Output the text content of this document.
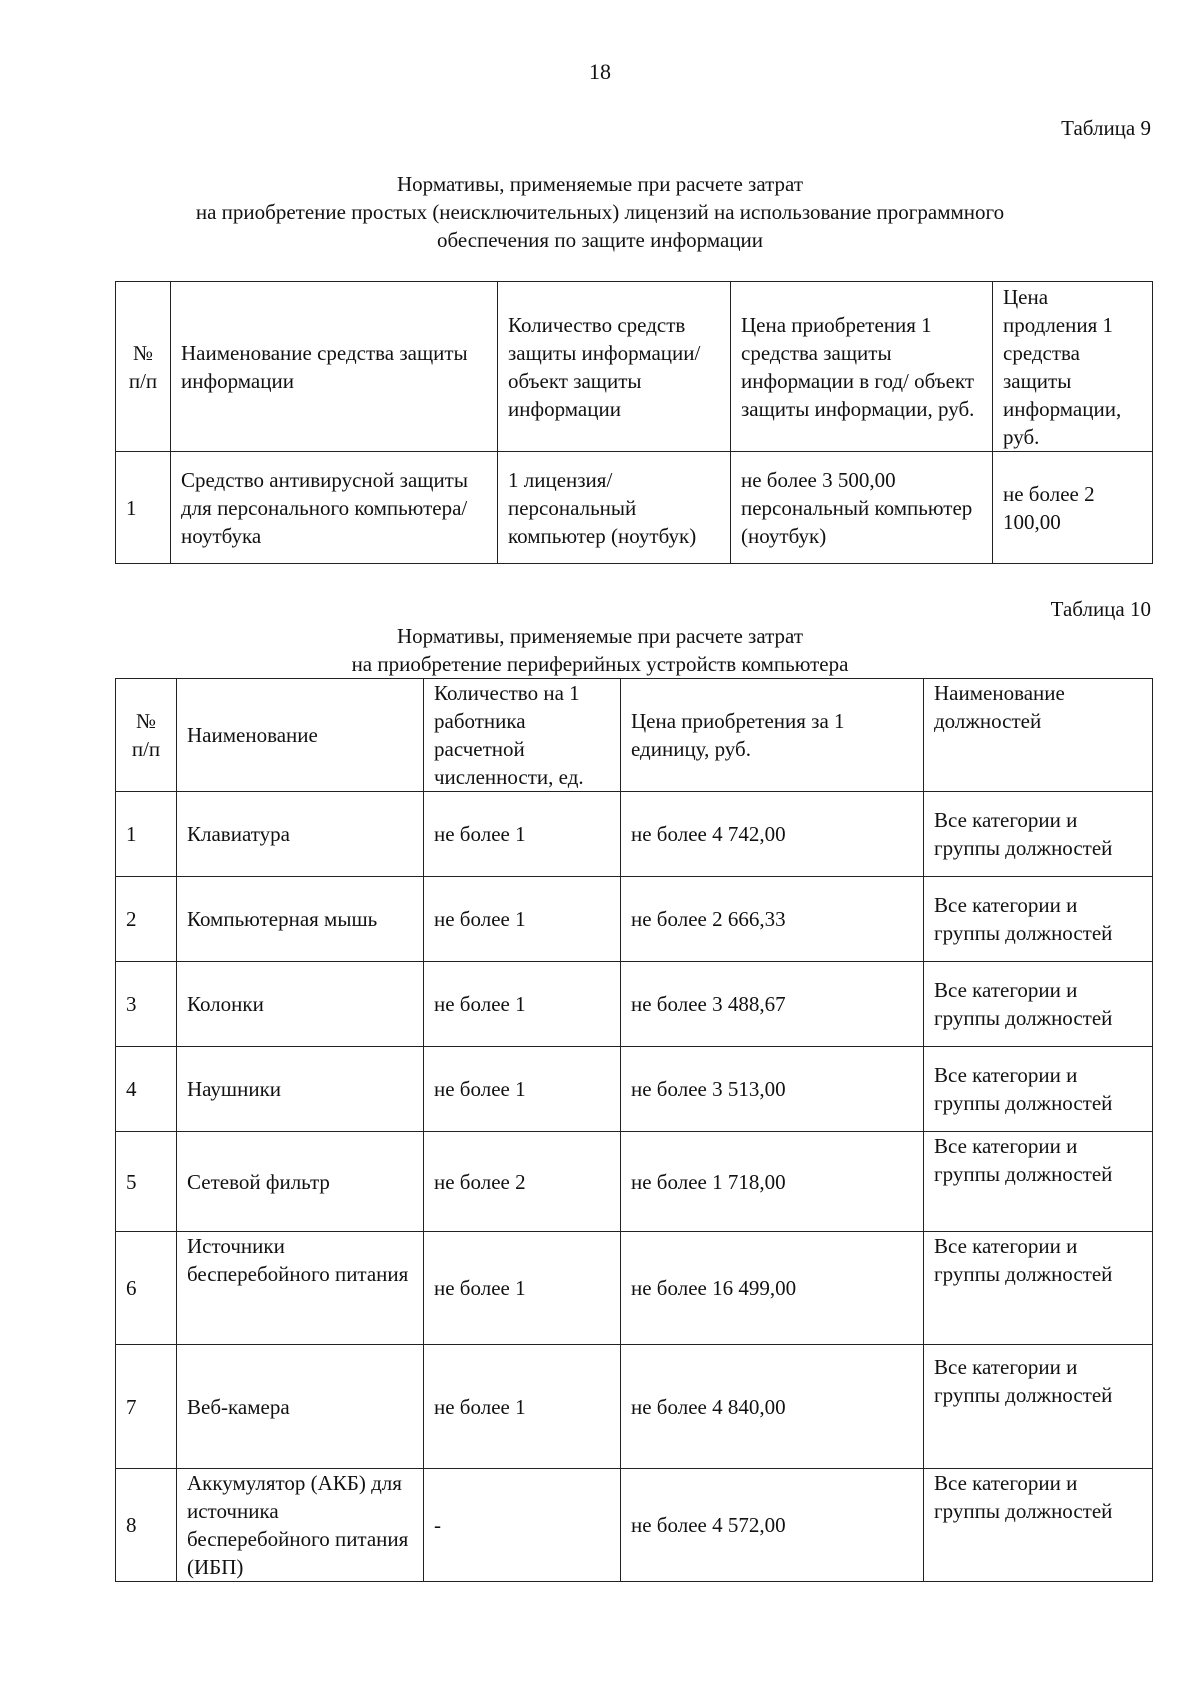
18
Таблица 9
Нормативы, применяемые при расчете затрат
на приобретение простых (неисключительных) лицензий на использование программного
обеспечения по защите информации
№ п/п	Наименование средства защиты информации	Количество средств защиты информации/объект защиты информации	Цена приобретения 1 средства защиты информации в год/ объект защиты информации, руб.	Цена продления 1 средства защиты информации, руб.
1	Средство антивирусной защиты для персонального компьютера/ноутбука	1 лицензия/ персональный компьютер (ноутбук)	не более 3 500,00 персональный компьютер (ноутбук)	не более 2 100,00
Таблица 10
Нормативы, применяемые при расчете затрат
на приобретение периферийных устройств компьютера
№ п/п	Наименование	Количество на 1 работника расчетной численности, ед.	Цена приобретения за 1 единицу, руб.	Наименование должностей
1	Клавиатура	не более 1	не более 4 742,00	Все категории и группы должностей
2	Компьютерная мышь	не более 1	не более 2 666,33	Все категории и группы должностей
3	Колонки	не более 1	не более 3 488,67	Все категории и группы должностей
4	Наушники	не более 1	не более 3 513,00	Все категории и группы должностей
5	Сетевой фильтр	не более 2	не более 1 718,00	Все категории и группы должностей
6	Источники бесперебойного питания	не более 1	не более 16 499,00	Все категории и группы должностей
7	Веб-камера	не более 1	не более 4 840,00	Все категории и группы должностей
8	Аккумулятор (АКБ) для источника бесперебойного питания (ИБП)	-	не более 4 572,00	Все категории и группы должностей
